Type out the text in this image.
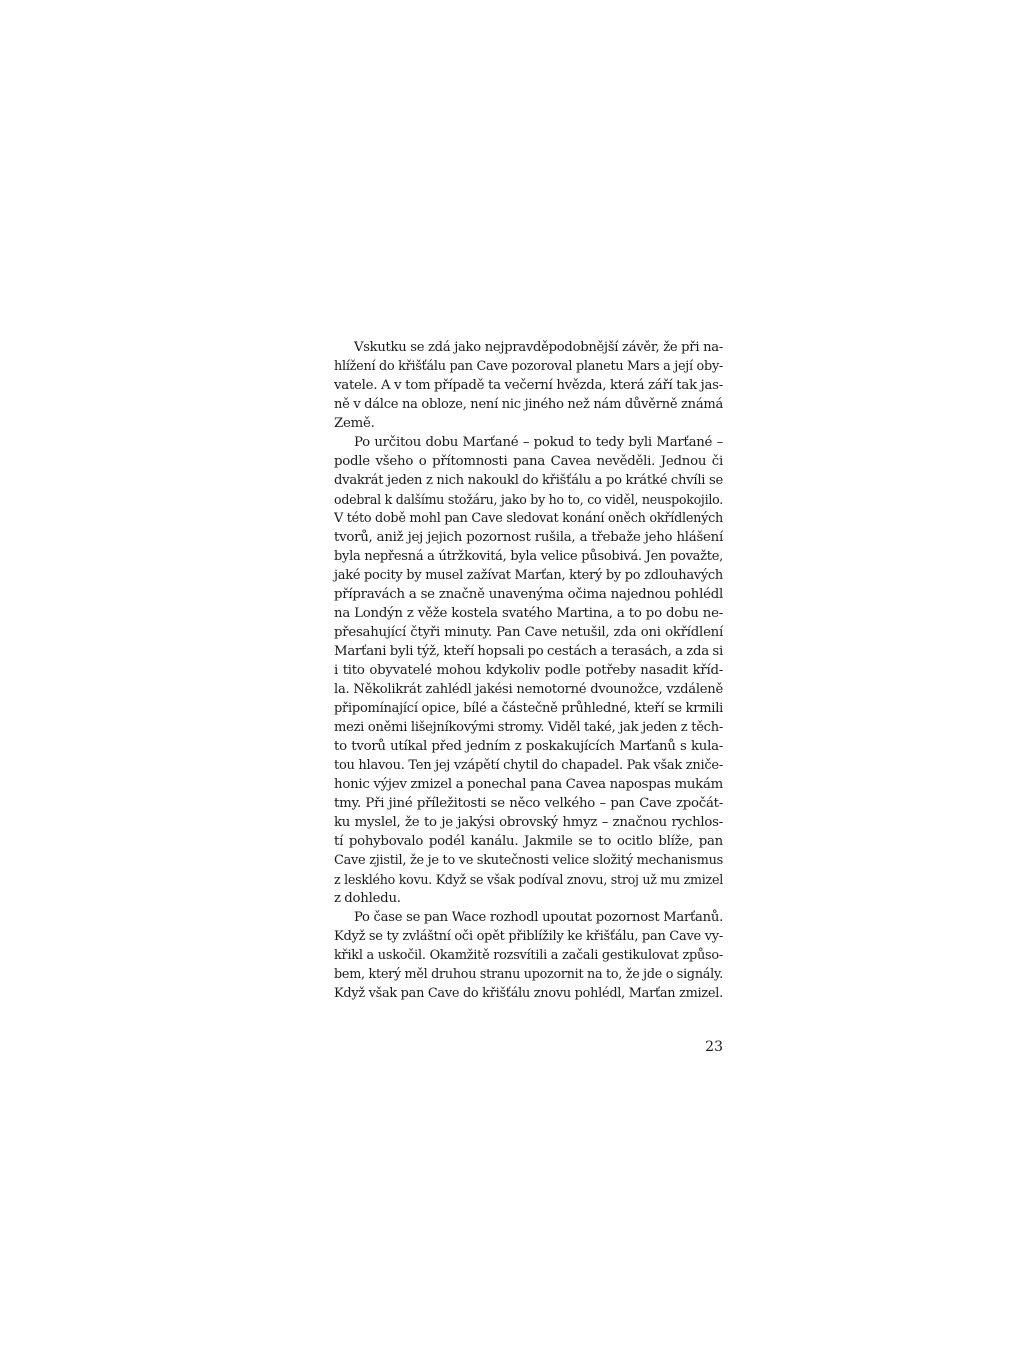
Vskutku se zdá jako nejpravděpodobnější závěr, že při na-
hlížení do křišťálu pan Cave pozoroval planetu Mars a její oby-
vatele. A v tom případě ta večerní hvězda, která září tak jas-
ně v dálce na obloze, není nic jiného než nám důvěrně známá
Země.
Po určitou dobu Marťané – pokud to tedy byli Marťané –
podle všeho o přítomnosti pana Cavea nevěděli. Jednou či
dvakrát jeden z nich nakoukl do křišťálu a po krátké chvíli se
odebral k dalšímu stožáru, jako by ho to, co viděl, neuspokojilo.
V této době mohl pan Cave sledovat konání oněch okřídlených
tvorů, aniž jej jejich pozornost rušila, a třebaže jeho hlášení
byla nepřesná a útržkovitá, byla velice působivá. Jen považte,
jaké pocity by musel zažívat Marťan, který by po zdlouhavých
přípravách a se značně unavenýma očima najednou pohlédl
na Londýn z věže kostela svatého Martina, a to po dobu ne-
přesahující čtyři minuty. Pan Cave netušil, zda oni okřídlení
Marťani byli týž, kteří hopsali po cestách a terasách, a zda si
i tito obyvatelé mohou kdykoliv podle potřeby nasadit kříd-
la. Několikrát zahlédl jakési nemotorné dvounožce, vzdáleně
připomínající opice, bílé a částečně průhledné, kteří se krmili
mezi oněmi lišejníkovými stromy. Viděl také, jak jeden z těch-
to tvorů utíkal před jedním z poskakujících Marťanů s kula-
tou hlavou. Ten jej vzápětí chytil do chapadel. Pak však zniče-
honic výjev zmizel a ponechal pana Cavea napospas mukám
tmy. Při jiné příležitosti se něco velkého – pan Cave zpočát-
ku myslel, že to je jakýsi obrovský hmyz – značnou rychlos-
tí pohybovalo podél kanálu. Jakmile se to ocitlo blíže, pan
Cave zjistil, že je to ve skutečnosti velice složitý mechanismus
z lesklého kovu. Když se však podíval znovu, stroj už mu zmizel
z dohledu.
Po čase se pan Wace rozhodl upoutat pozornost Marťanů.
Když se ty zvláštní oči opět přiblížily ke křišťálu, pan Cave vy-
křikl a uskočil. Okamžitě rozsvítili a začali gestikulovat způso-
bem, který měl druhou stranu upozornit na to, že jde o signály.
Když však pan Cave do křišťálu znovu pohlédl, Marťan zmizel.
23
